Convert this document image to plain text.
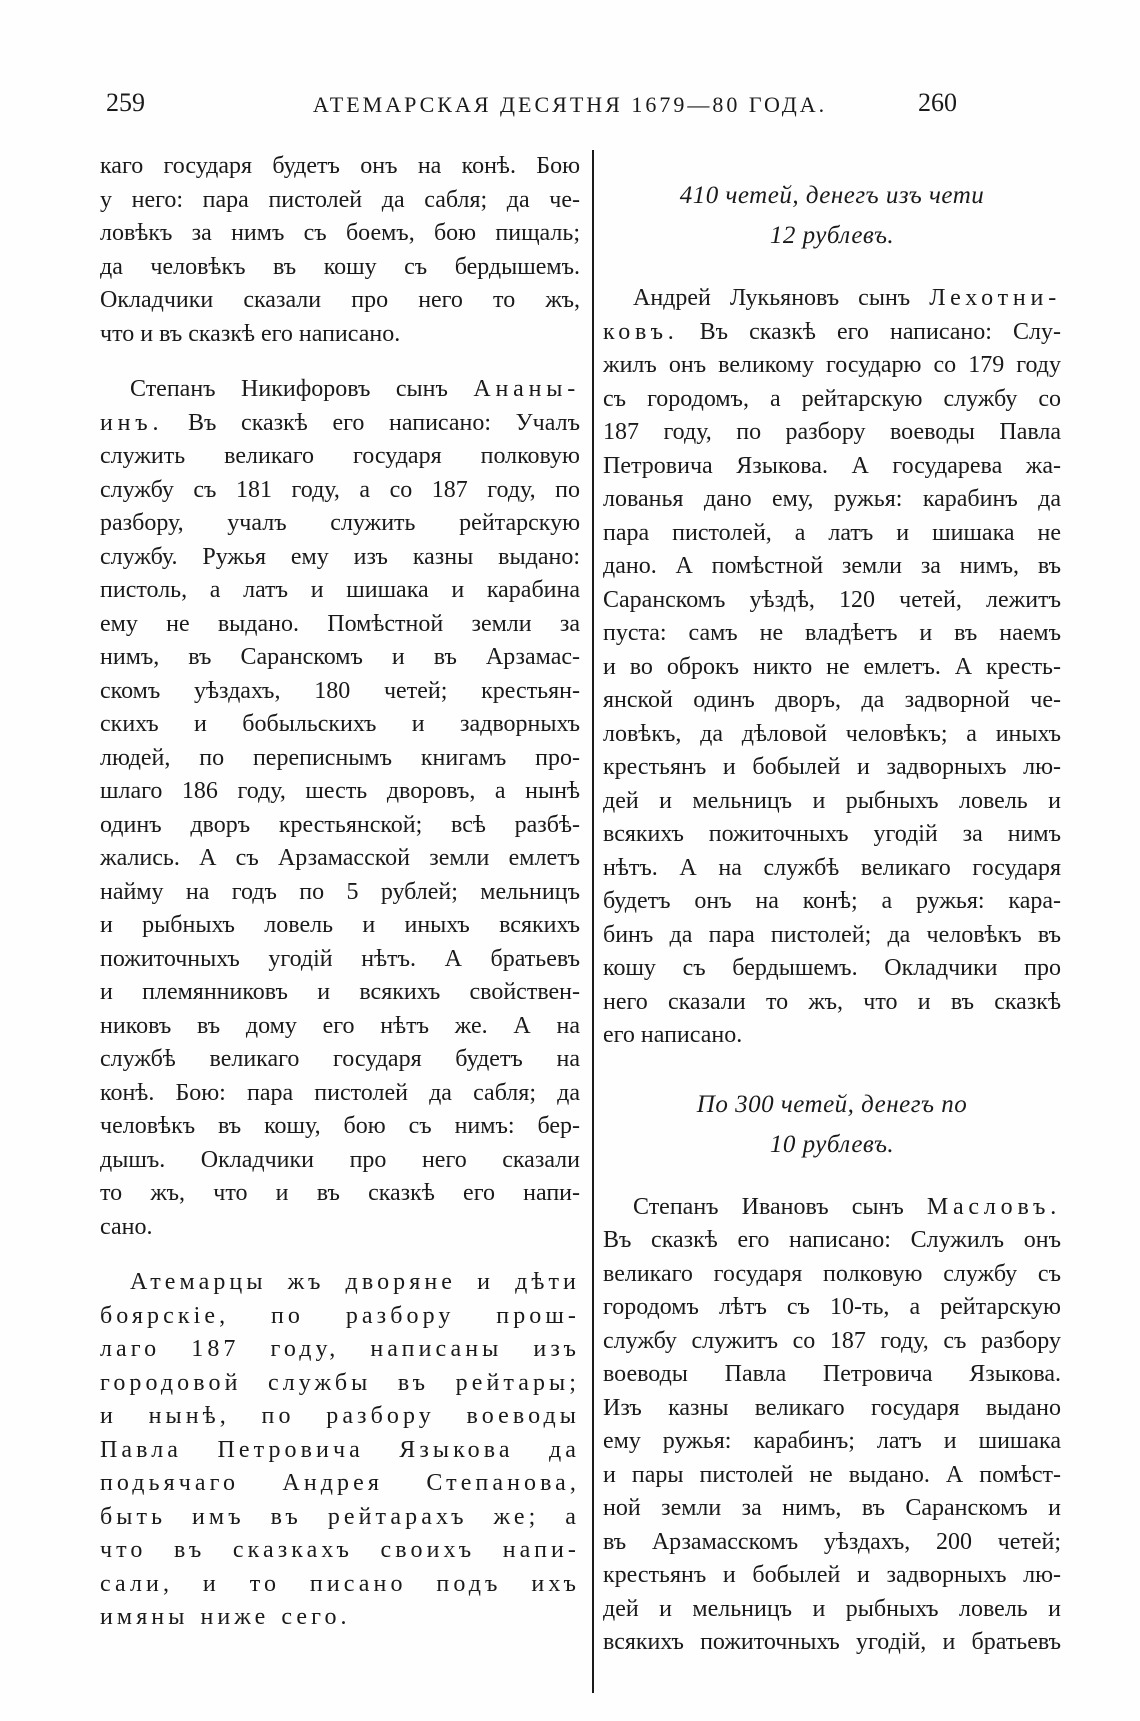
259	АТЕМАРСКАЯ ДЕСЯТНЯ 1679—80 ГОДА.	260
каго государя будетъ онъ на конѣ. Бою
у него: пара пистолей да сабля; да че-
ловѣкъ за нимъ съ боемъ, бою пищаль;
да человѣкъ въ кошу съ бердышемъ.
Окладчики сказали про него то жъ,
что и въ сказкѣ его написано.
Степанъ Никифоровъ сынъ Ананы-
инъ. Въ сказкѣ его написано: Учалъ
служить великаго государя полковую
службу съ 181 году, а со 187 году, по
разбору, учалъ служить рейтарскую
службу. Ружья ему изъ казны выдано:
пистоль, а латъ и шишака и карабина
ему не выдано. Помѣстной земли за
нимъ, въ Саранскомъ и въ Арзамас-
скомъ уѣздахъ, 180 четей; крестьян-
скихъ и бобыльскихъ и задворныхъ
людей, по переписнымъ книгамъ про-
шлаго 186 году, шесть дворовъ, а нынѣ
одинъ дворъ крестьянской; всѣ разбѣ-
жались. А съ Арзамасской земли емлетъ
найму на годъ по 5 рублей; мельницъ
и рыбныхъ ловель и иныхъ всякихъ
пожиточныхъ угодій нѣтъ. А братьевъ
и племянниковъ и всякихъ свойствен-
никовъ въ дому его нѣтъ же. А на
службѣ великаго государя будетъ на
конѣ. Бою: пара пистолей да сабля; да
человѣкъ въ кошу, бою съ нимъ: бер-
дышъ. Окладчики про него сказали
то жъ, что и въ сказкѣ его напи-
сано.
Атемарцы жъ дворяне и дѣти
боярскіе, по разбору прош-
лаго 187 году, написаны изъ
городовой службы въ рейтары;
и нынѣ, по разбору воеводы
Павла Петровича Языкова да
подьячаго Андрея Степанова,
быть имъ въ рейтарахъ же; а
что въ сказкахъ своихъ напи-
сали, и то писано подъ ихъ
имяны ниже сего.
410 четей, денегъ изъ чети
12 рублевъ.
Андрей Лукьяновъ сынъ Лехотни-
ковъ. Въ сказкѣ его написано: Слу-
жилъ онъ великому государю со 179 году
съ городомъ, а рейтарскую службу со
187 году, по разбору воеводы Павла
Петровича Языкова. А государева жа-
лованья дано ему, ружья: карабинъ да
пара пистолей, а латъ и шишака не
дано. А помѣстной земли за нимъ, въ
Саранскомъ уѣздѣ, 120 четей, лежитъ
пуста: самъ не владѣетъ и въ наемъ
и во оброкъ никто не емлетъ. А кресть-
янской одинъ дворъ, да задворной че-
ловѣкъ, да дѣловой человѣкъ; а иныхъ
крестьянъ и бобылей и задворныхъ лю-
дей и мельницъ и рыбныхъ ловель и
всякихъ пожиточныхъ угодій за нимъ
нѣтъ. А на службѣ великаго государя
будетъ онъ на конѣ; а ружья: кара-
бинъ да пара пистолей; да человѣкъ въ
кошу съ бердышемъ. Окладчики про
него сказали то жъ, что и въ сказкѣ
его написано.
По 300 четей, денегъ по
10 рублевъ.
Степанъ Ивановъ сынъ Масловъ.
Въ сказкѣ его написано: Служилъ онъ
великаго государя полковую службу съ
городомъ лѣтъ съ 10-ть, а рейтарскую
службу служитъ со 187 году, съ разбору
воеводы Павла Петровича Языкова.
Изъ казны великаго государя выдано
ему ружья: карабинъ; латъ и шишака
и пары пистолей не выдано. А помѣст-
ной земли за нимъ, въ Саранскомъ и
въ Арзамасскомъ уѣздахъ, 200 четей;
крестьянъ и бобылей и задворныхъ лю-
дей и мельницъ и рыбныхъ ловель и
всякихъ пожиточныхъ угодій, и братьевъ
